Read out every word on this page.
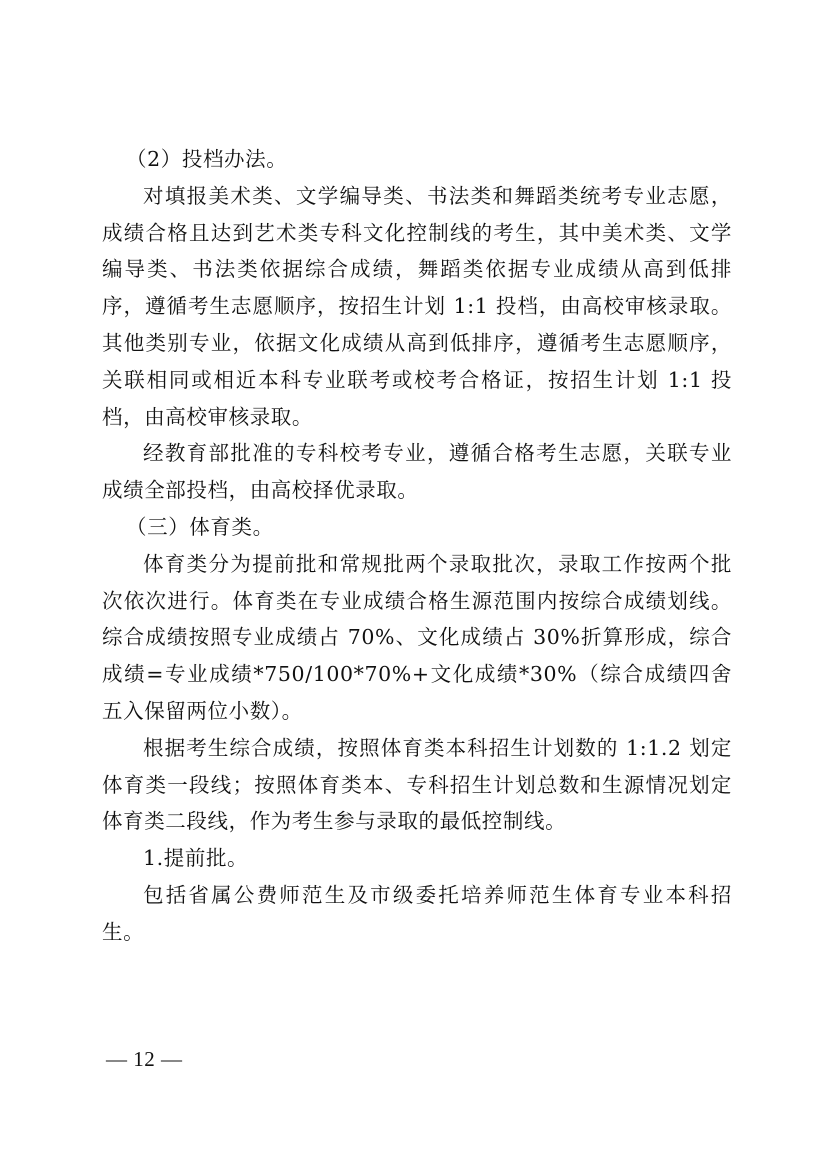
（2）投档办法。

对填报美术类、文学编导类、书法类和舞蹈类统考专业志愿，成绩合格且达到艺术类专科文化控制线的考生，其中美术类、文学编导类、书法类依据综合成绩，舞蹈类依据专业成绩从高到低排序，遵循考生志愿顺序，按招生计划 1:1 投档，由高校审核录取。其他类别专业，依据文化成绩从高到低排序，遵循考生志愿顺序，关联相同或相近本科专业联考或校考合格证，按招生计划 1:1 投档，由高校审核录取。

经教育部批准的专科校考专业，遵循合格考生志愿，关联专业成绩全部投档，由高校择优录取。

（三）体育类。

体育类分为提前批和常规批两个录取批次，录取工作按两个批次依次进行。体育类在专业成绩合格生源范围内按综合成绩划线。综合成绩按照专业成绩占 70%、文化成绩占 30%折算形成，综合成绩=专业成绩*750/100*70%+文化成绩*30%（综合成绩四舍五入保留两位小数）。

根据考生综合成绩，按照体育类本科招生计划数的 1:1.2 划定体育类一段线；按照体育类本、专科招生计划总数和生源情况划定体育类二段线，作为考生参与录取的最低控制线。

1.提前批。

包括省属公费师范生及市级委托培养师范生体育专业本科招生。

— 12 —
